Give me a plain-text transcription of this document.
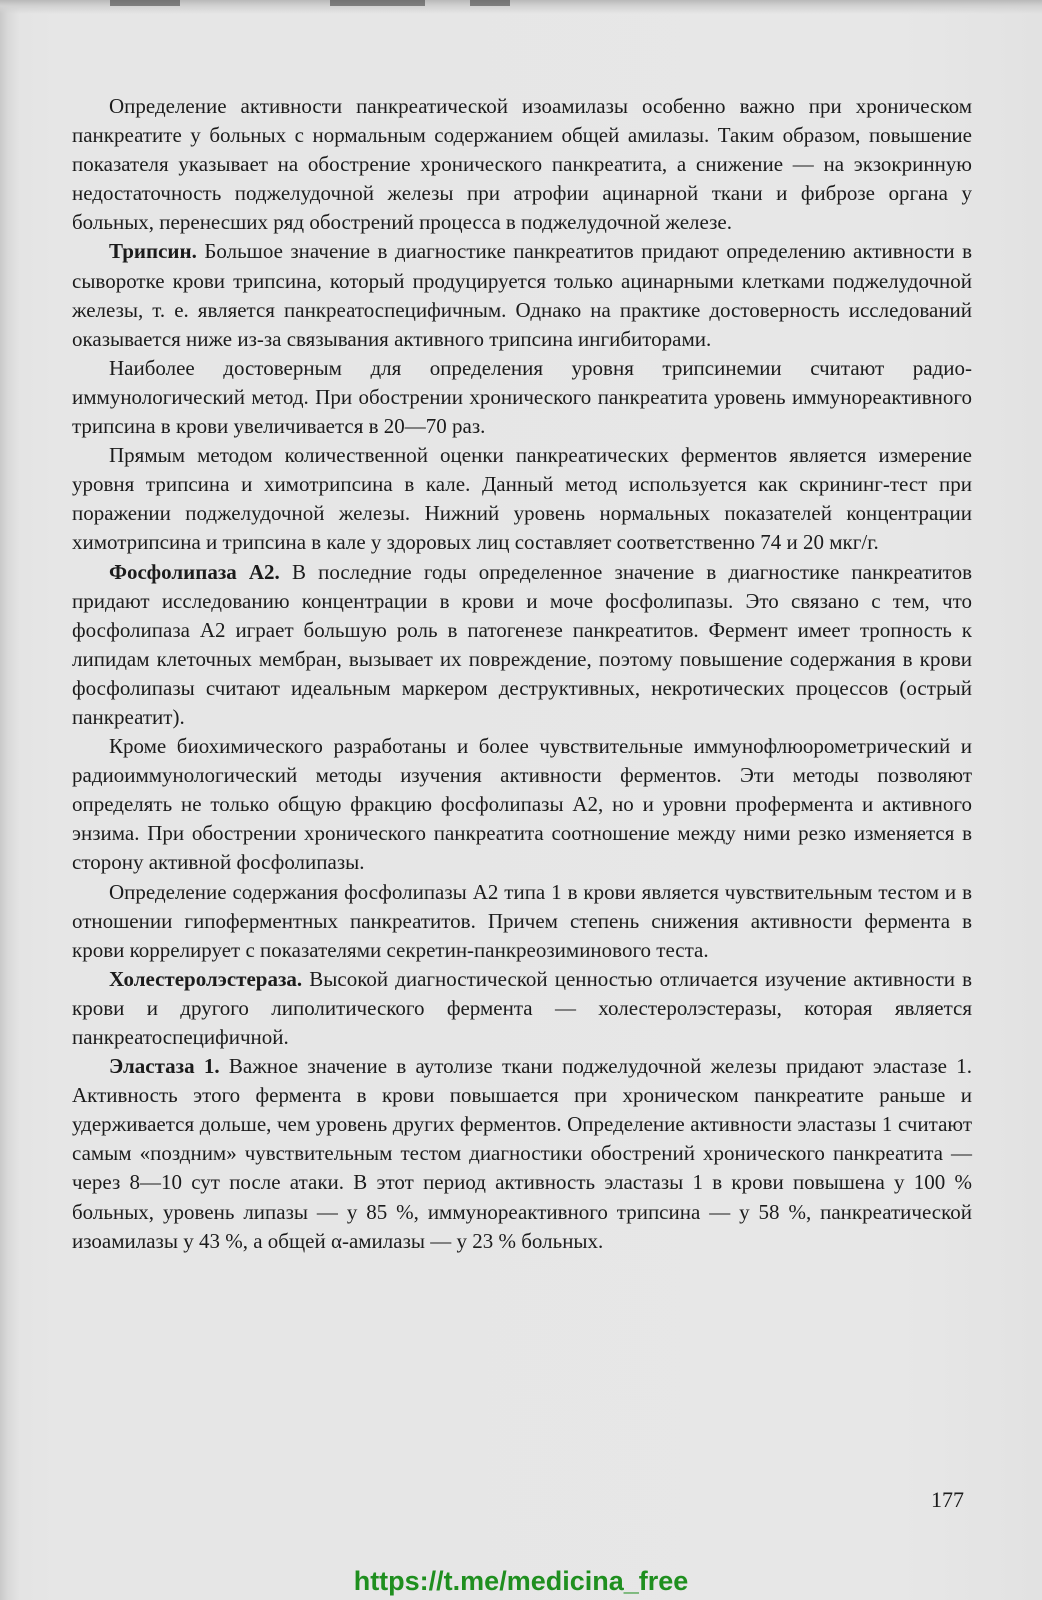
Определение активности панкреатической изоамилазы особенно важно при хроническом панкреатите у больных с нормальным содержанием общей амилазы. Таким образом, повышение показателя указывает на обострение хронического панкреатита, а снижение — на экзокринную недостаточность поджелудочной железы при атрофии ацинарной ткани и фиброзе органа у больных, перенесших ряд обострений процесса в поджелудочной железе.

Трипсин. Большое значение в диагностике панкреатитов придают определению активности в сыворотке крови трипсина, который продуцируется только ацинарными клетками поджелудочной железы, т. е. является панкреатоспецифичным. Однако на практике достоверность исследований оказывается ниже из-за связывания активного трипсина ингибиторами.

Наиболее достоверным для определения уровня трипсинемии считают радиоиммунологический метод. При обострении хронического панкреатита уровень иммунореактивного трипсина в крови увеличивается в 20—70 раз.

Прямым методом количественной оценки панкреатических ферментов является измерение уровня трипсина и химотрипсина в кале. Данный метод используется как скрининг-тест при поражении поджелудочной железы. Нижний уровень нормальных показателей концентрации химотрипсина и трипсина в кале у здоровых лиц составляет соответственно 74 и 20 мкг/г.

Фосфолипаза А2. В последние годы определенное значение в диагностике панкреатитов придают исследованию концентрации в крови и моче фосфолипазы. Это связано с тем, что фосфолипаза А2 играет большую роль в патогенезе панкреатитов. Фермент имеет тропность к липидам клеточных мембран, вызывает их повреждение, поэтому повышение содержания в крови фосфолипазы считают идеальным маркером деструктивных, некротических процессов (острый панкреатит).

Кроме биохимического разработаны и более чувствительные иммунофлюорометрический и радиоиммунологический методы изучения активности ферментов. Эти методы позволяют определять не только общую фракцию фосфолипазы А2, но и уровни профермента и активного энзима. При обострении хронического панкреатита соотношение между ними резко изменяется в сторону активной фосфолипазы.

Определение содержания фосфолипазы А2 типа 1 в крови является чувствительным тестом и в отношении гипоферментных панкреатитов. Причем степень снижения активности фермента в крови коррелирует с показателями секретин-панкреозиминового теста.

Холестеролэстераза. Высокой диагностической ценностью отличается изучение активности в крови и другого липолитического фермента — холестеролэстеразы, которая является панкреатоспецифичной.

Эластаза 1. Важное значение в аутолизе ткани поджелудочной железы придают эластазе 1. Активность этого фермента в крови повышается при хроническом панкреатите раньше и удерживается дольше, чем уровень других ферментов. Определение активности эластазы 1 считают самым «поздним» чувствительным тестом диагностики обострений хронического панкреатита — через 8—10 сут после атаки. В этот период активность эластазы 1 в крови повышена у 100 % больных, уровень липазы — у 85 %, иммунореактивного трипсина — у 58 %, панкреатической изоамилазы у 43 %, а общей α-амилазы — у 23 % больных.

177
https://t.me/medicina_free
